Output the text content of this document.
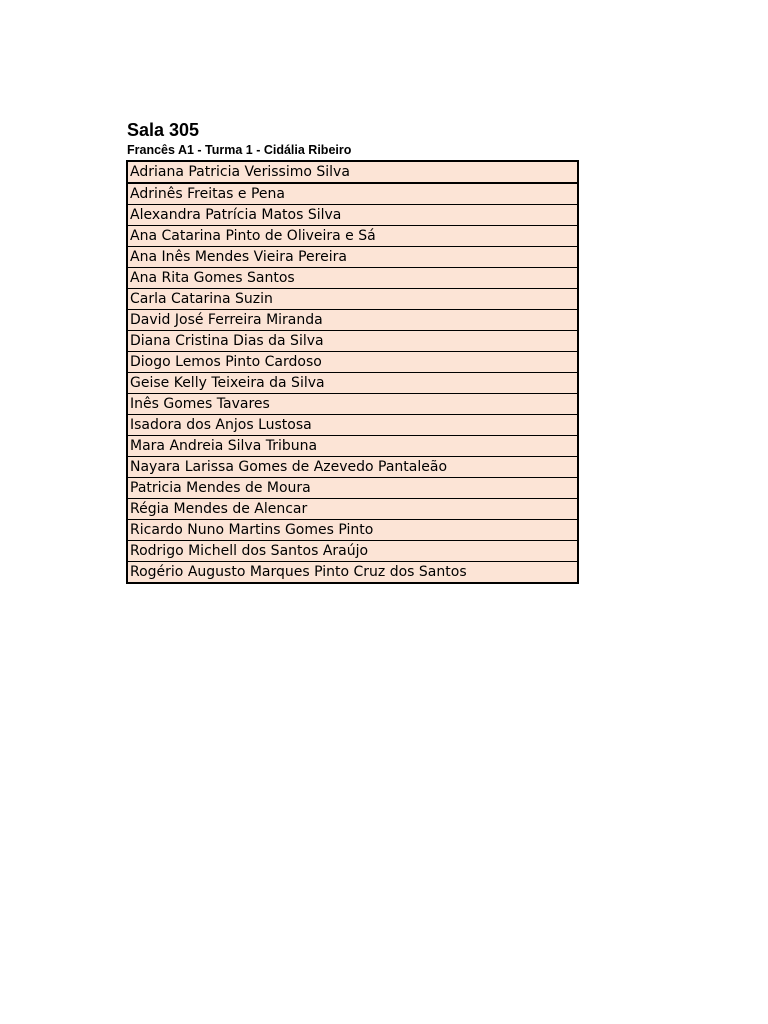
Sala 305
Francês A1 - Turma 1 - Cidália Ribeiro
Adriana Patricia Verissimo Silva
Adrinês Freitas e Pena
Alexandra Patrícia Matos Silva
Ana Catarina Pinto de Oliveira e Sá
Ana Inês Mendes Vieira Pereira
Ana Rita Gomes Santos
Carla Catarina Suzin
David José Ferreira Miranda
Diana Cristina Dias da Silva
Diogo Lemos Pinto Cardoso
Geise Kelly Teixeira da Silva
Inês Gomes Tavares
Isadora dos Anjos Lustosa
Mara Andreia Silva Tribuna
Nayara Larissa Gomes de Azevedo Pantaleão
Patricia Mendes de Moura
Régia Mendes de Alencar
Ricardo Nuno Martins Gomes Pinto
Rodrigo Michell dos Santos Araújo
Rogério Augusto Marques Pinto Cruz dos Santos
